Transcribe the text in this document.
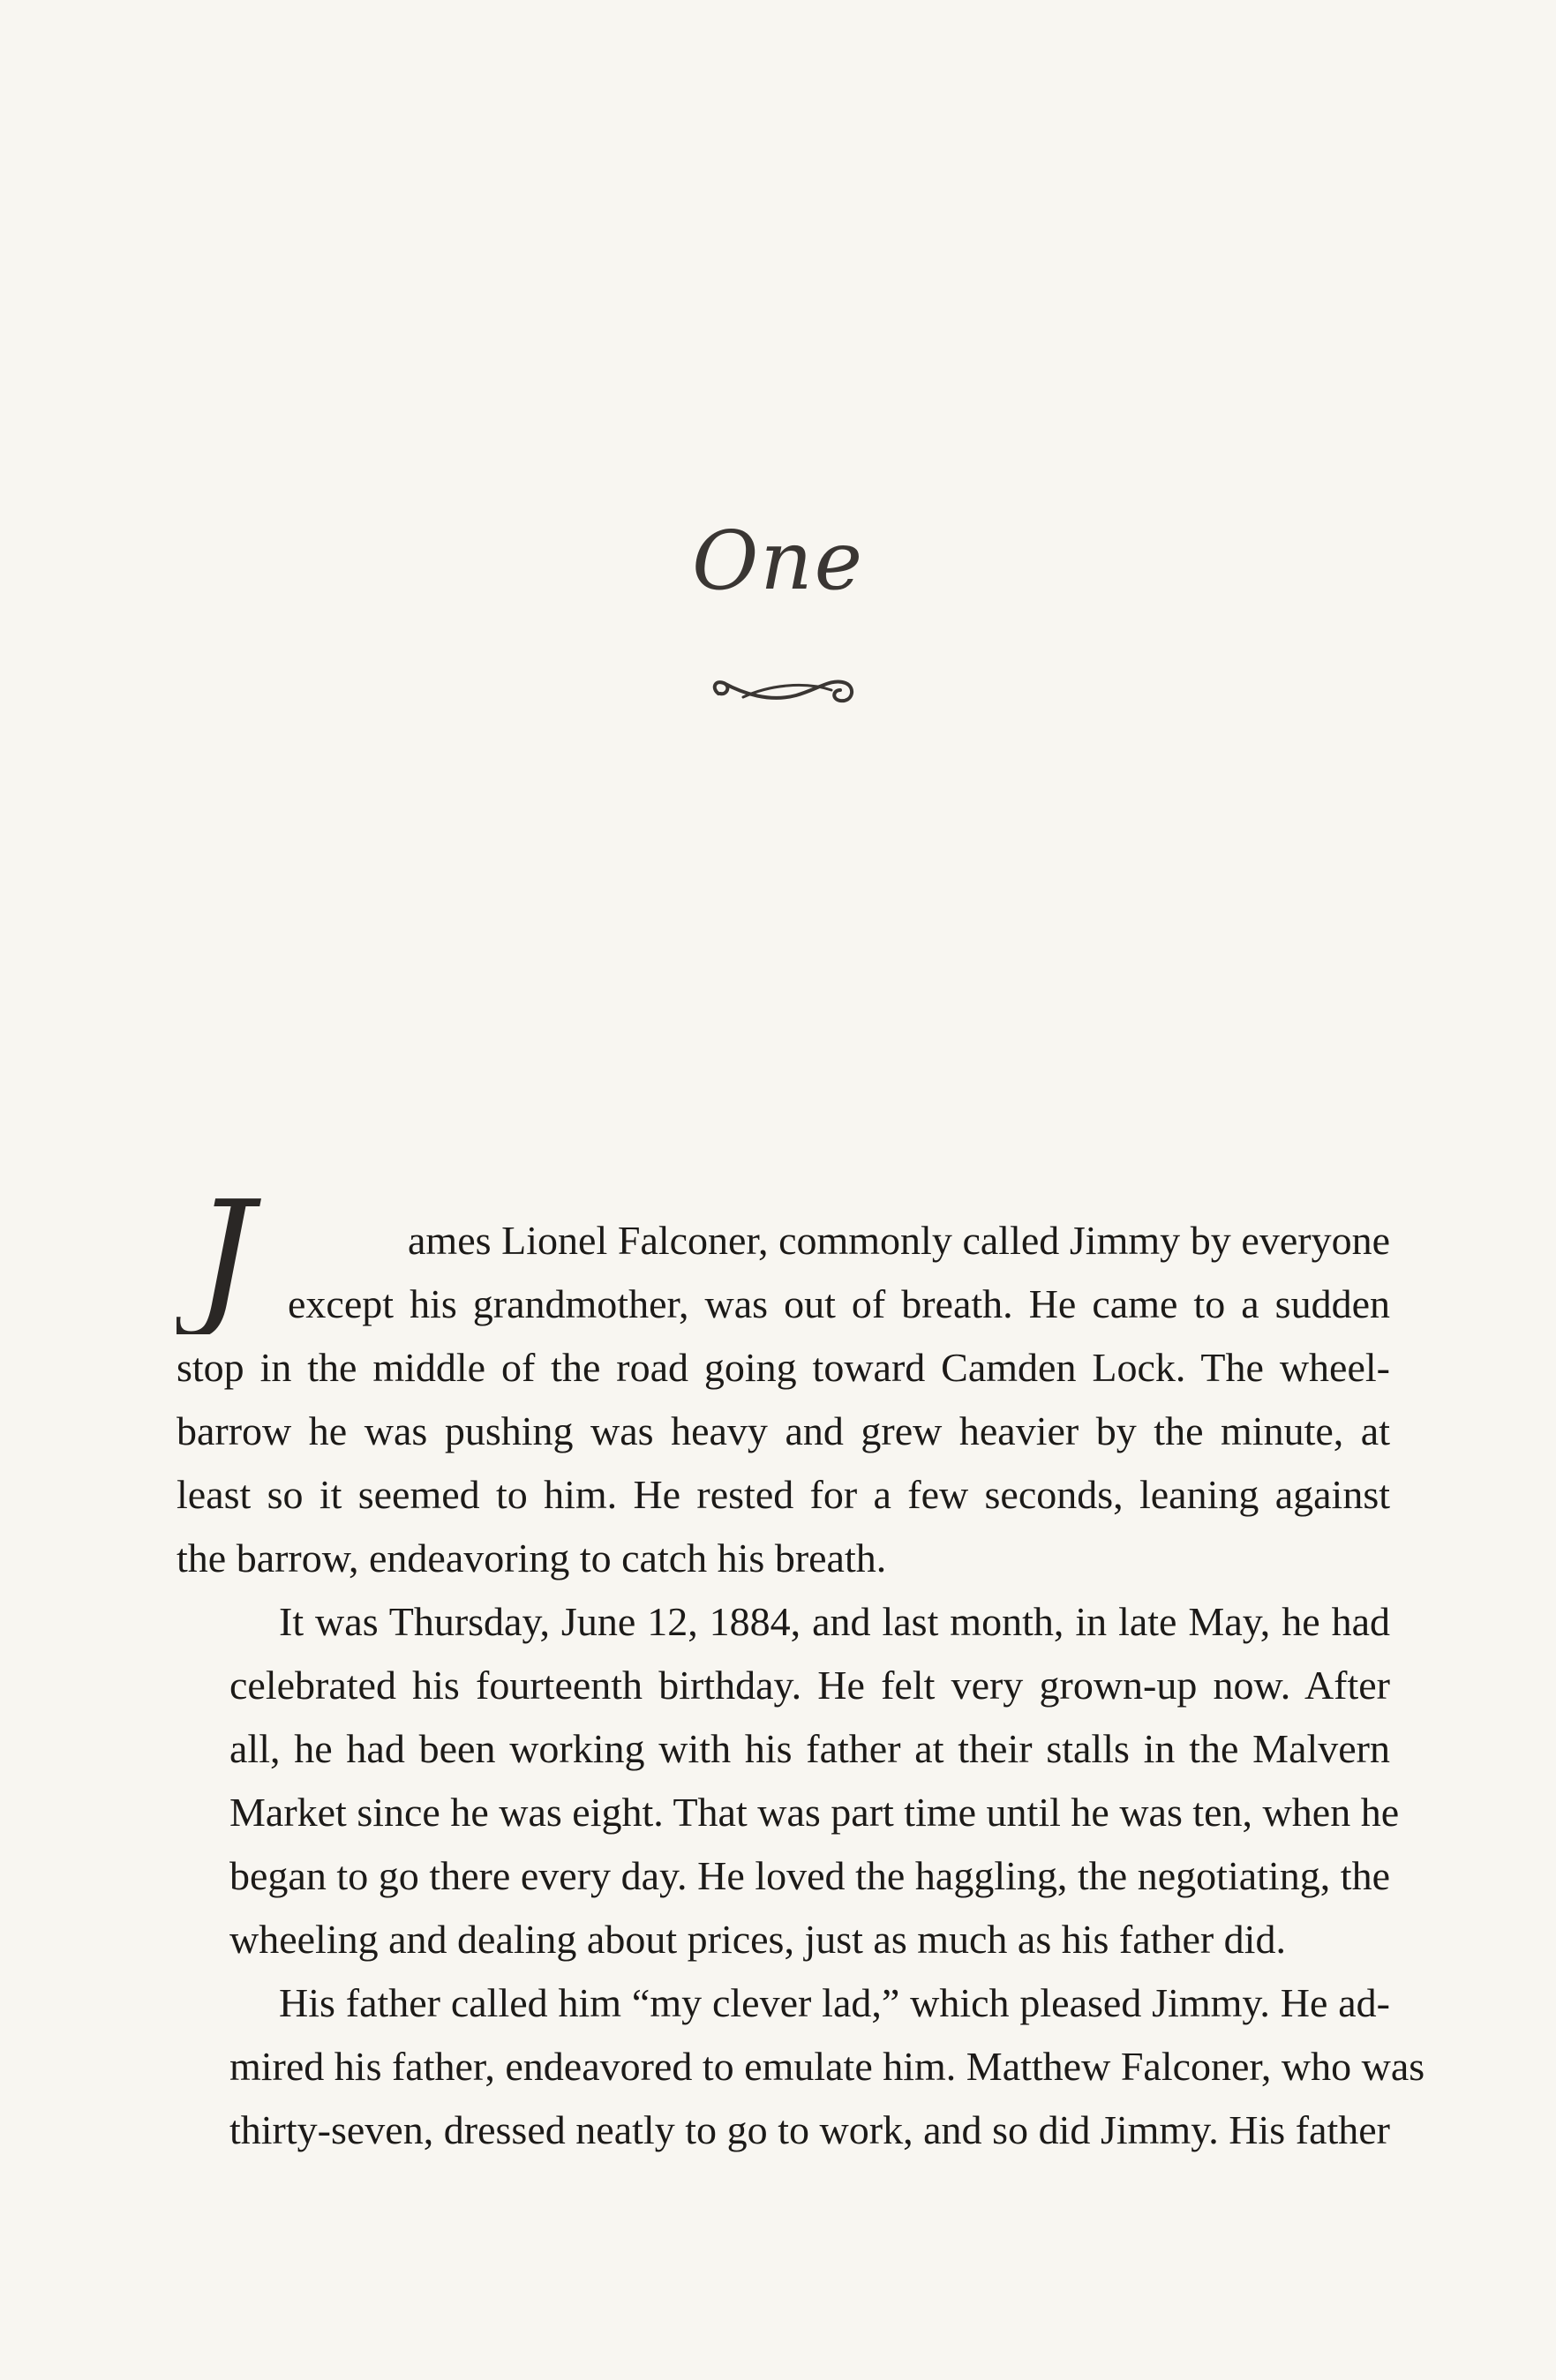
One
J	ames Lionel Falconer, commonly called Jimmy by everyone
except his grandmother, was out of breath. He came to a sudden
stop in the middle of the road going toward Camden Lock. The wheel-
barrow he was pushing was heavy and grew heavier by the minute, at
least so it seemed to him. He rested for a few seconds, leaning against
the barrow, endeavoring to catch his breath.
It was Thursday, June 12, 1884, and last month, in late May, he had
celebrated his fourteenth birthday. He felt very grown-up now. After
all, he had been working with his father at their stalls in the Malvern
Market since he was eight. That was part time until he was ten, when he
began to go there every day. He loved the haggling, the negotiating, the
wheeling and dealing about prices, just as much as his father did.
His father called him “my clever lad,” which pleased Jimmy. He ad-
mired his father, endeavored to emulate him. Matthew Falconer, who was
thirty-seven, dressed neatly to go to work, and so did Jimmy. His father
